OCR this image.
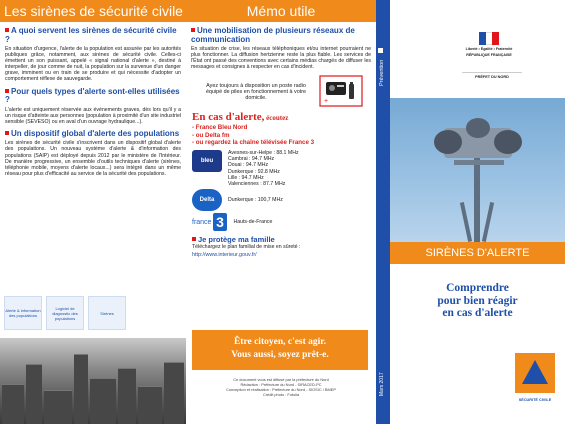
Les sirènes de sécurité civile
A quoi servent les sirènes de sécurité civile ?
En situation d'urgence, l'alerte de la population est assurée par les autorités publiques grâce, notamment, aux sirènes de sécurité civile. Celles-ci émettent un son puissant, appelé « signal national d'alerte », destiné à interpeller, de jour comme de nuit, la population sur la survenue d'un danger grave, imminent ou en train de se produire et qui nécessite d'adopter un comportement réflexe de sauvegarde.
Pour quels types d'alerte sont-elles utilisées ?
L'alerte est uniquement réservée aux événements graves, dès lors qu'il y a un risque d'atteinte aux personnes (population à proximité d'un site industriel sensible (SEVESO) ou en aval d'un ouvrage hydraulique...).
Un dispositif global d'alerte des populations
Les sirènes de sécurité civile s'inscrivent dans un dispositif global d'alerte des populations. Un nouveau système d'alerte & d'information des populations (SAIP) est déployé depuis 2012 par le ministère de l'Intérieur. De manière progressive, un ensemble d'outils techniques d'alerte (sirènes, téléphonie mobile, moyens d'alerte locaux...) sera intégré dans un même réseau pour plus d'efficacité au service de la sécurité des populations.
Alerte & information des populations
Logiciel de diagnostic des populations
Sirènes
Mémo utile
Une mobilisation de plusieurs réseaux de communication
En situation de crise, les réseaux téléphoniques et/ou internet pourraient ne plus fonctionner. La diffusion hertzienne reste la plus fiable. Les services de l'État ont passé des conventions avec certains médias chargés de diffuser les messages et consignes à respecter en cas d'incident.
Ayez toujours à disposition un poste radio équipé de piles en fonctionnement à votre domicile.	+
En cas d'alerte, écoutez
- France Bleu Nord
- ou Delta fm
- ou regardez la chaîne télévisée France 3
bleu
Avesnes-sur-Helpe : 88.1 MHz
Cambrai : 94.7 MHz
Douai : 94.7 MHz
Dunkerque : 92.8 MHz
Lille : 94.7 MHz
Valenciennes : 87.7 MHz
Delta	Dunkerque : 100,7 MHz
france 3 Hauts-de-France
Je protège ma famille
Téléchargez le plan familial de mise en sûreté :
http://www.interieur.gouv.fr/
Être citoyen, c'est agir.
Vous aussi, soyez prêt-e.
Ce document vous est diffusé par la préfecture du Nord
Rédaction : Préfecture du Nord - SIRACED-PC
Conception et réalisation : Préfecture du Nord - SIOSIC / BMEP
Crédit photo : Fotolia
Prévention
Mars 2017
Liberté • Égalité • Fraternité
RÉPUBLIQUE FRANÇAISE
PRÉFET DU NORD
SIRÈNES D'ALERTE
Comprendre
pour bien réagir
en cas d'alerte
SÉCURITÉ CIVILE
